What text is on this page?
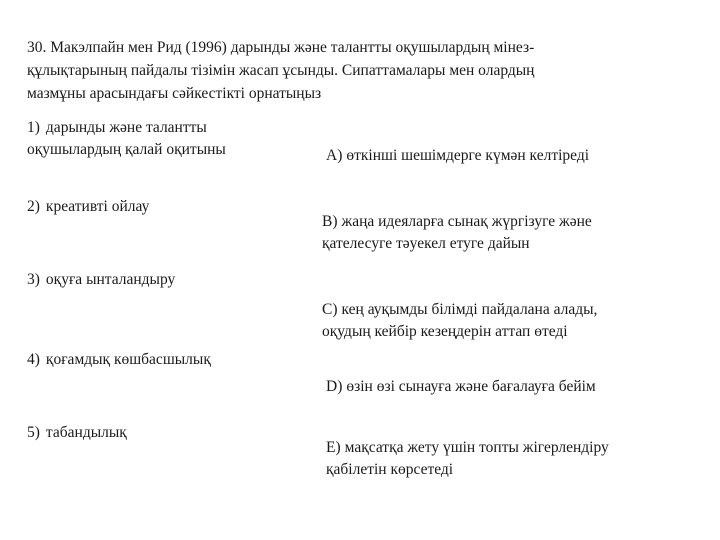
30. Макэлпайн мен Рид (1996) дарынды және талантты оқушылардың мінез-
құлықтарының пайдалы тізімін жасап ұсынды. Сипаттамалары мен олардың
мазмұны арасындағы сәйкестікті орнатыңыз
1) дарынды және талантты
оқушылардың қалай оқитыны
2) креативті ойлау
3) оқуға ынталандыру
4) қоғамдық көшбасшылық
5) табандылық
А) өткінші шешімдерге күмән келтіреді
В) жаңа идеяларға сынақ жүргізуге және
қателесуге тәуекел етуге дайын
С) кең ауқымды білімді пайдалана алады,
оқудың кейбір кезеңдерін аттап өтеді
D) өзін өзі сынауға және бағалауға бейім
Е) мақсатқа жету үшін топты жігерлендіру
қабілетін көрсетеді
